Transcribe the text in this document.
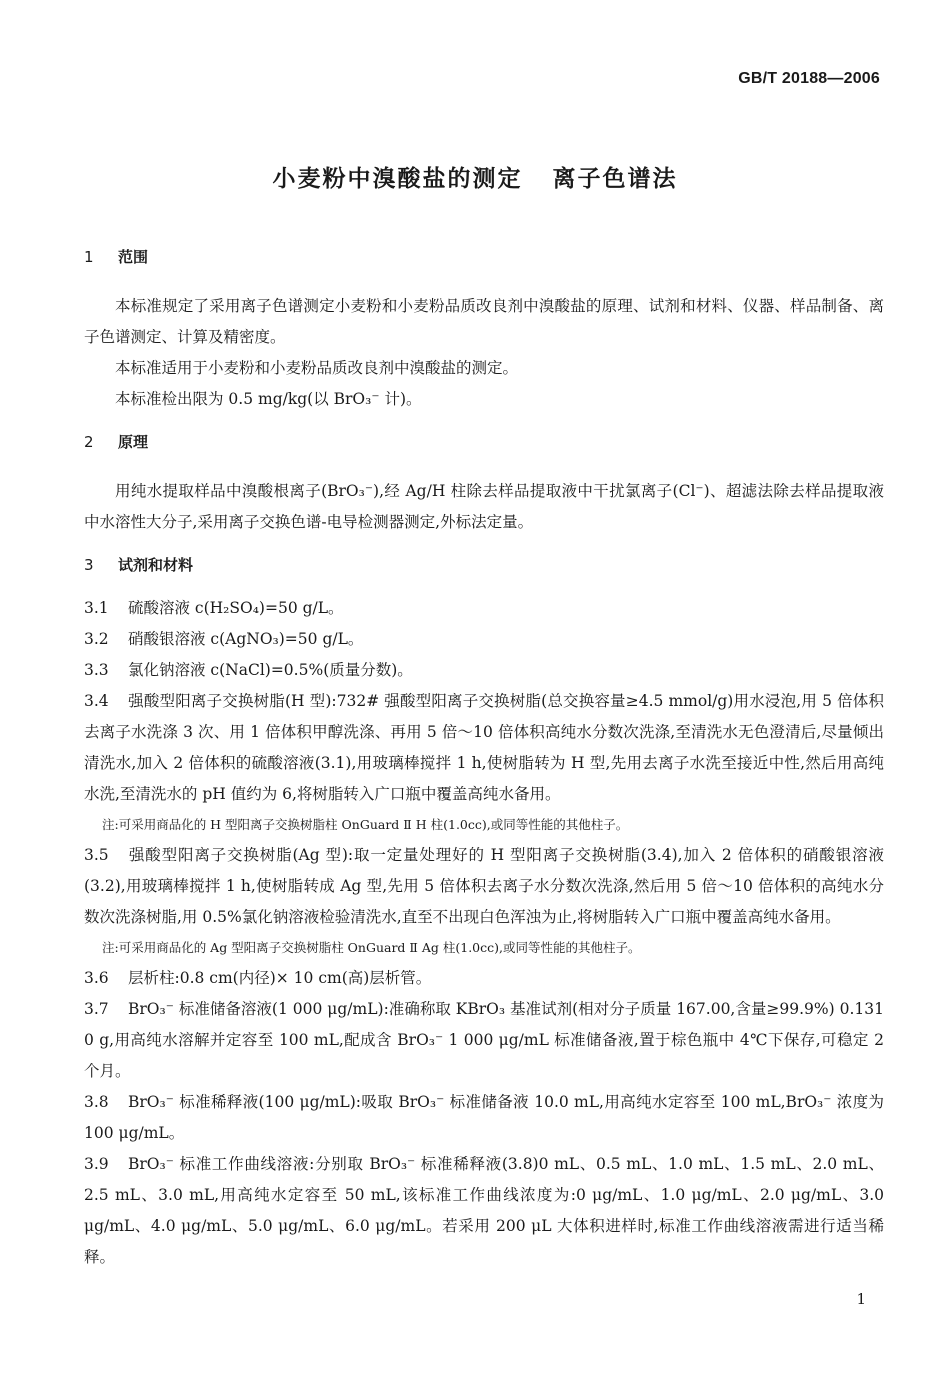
GB/T 20188—2006
小麦粉中溴酸盐的测定 离子色谱法
1 范围
本标准规定了采用离子色谱测定小麦粉和小麦粉品质改良剂中溴酸盐的原理、试剂和材料、仪器、样品制备、离子色谱测定、计算及精密度。
本标准适用于小麦粉和小麦粉品质改良剂中溴酸盐的测定。
本标准检出限为 0.5 mg/kg(以 BrO₃⁻ 计)。
2 原理
用纯水提取样品中溴酸根离子(BrO₃⁻),经 Ag/H 柱除去样品提取液中干扰氯离子(Cl⁻)、超滤法除去样品提取液中水溶性大分子,采用离子交换色谱-电导检测器测定,外标法定量。
3 试剂和材料
3.1 硫酸溶液 c(H₂SO₄)=50 g/L。
3.2 硝酸银溶液 c(AgNO₃)=50 g/L。
3.3 氯化钠溶液 c(NaCl)=0.5%(质量分数)。
3.4 强酸型阳离子交换树脂(H 型):732# 强酸型阳离子交换树脂(总交换容量≥4.5 mmol/g)用水浸泡,用 5 倍体积去离子水洗涤 3 次、用 1 倍体积甲醇洗涤、再用 5 倍～10 倍体积高纯水分数次洗涤,至清洗水无色澄清后,尽量倾出清洗水,加入 2 倍体积的硫酸溶液(3.1),用玻璃棒搅拌 1 h,使树脂转为 H 型,先用去离子水洗至接近中性,然后用高纯水洗,至清洗水的 pH 值约为 6,将树脂转入广口瓶中覆盖高纯水备用。
注:可采用商品化的 H 型阳离子交换树脂柱 OnGuard Ⅱ H 柱(1.0cc),或同等性能的其他柱子。
3.5 强酸型阳离子交换树脂(Ag 型):取一定量处理好的 H 型阳离子交换树脂(3.4),加入 2 倍体积的硝酸银溶液(3.2),用玻璃棒搅拌 1 h,使树脂转成 Ag 型,先用 5 倍体积去离子水分数次洗涤,然后用 5 倍～10 倍体积的高纯水分数次洗涤树脂,用 0.5%氯化钠溶液检验清洗水,直至不出现白色浑浊为止,将树脂转入广口瓶中覆盖高纯水备用。
注:可采用商品化的 Ag 型阳离子交换树脂柱 OnGuard Ⅱ Ag 柱(1.0cc),或同等性能的其他柱子。
3.6 层析柱:0.8 cm(内径)× 10 cm(高)层析管。
3.7 BrO₃⁻ 标准储备溶液(1 000 μg/mL):准确称取 KBrO₃ 基准试剂(相对分子质量 167.00,含量≥99.9%) 0.131 0 g,用高纯水溶解并定容至 100 mL,配成含 BrO₃⁻ 1 000 μg/mL 标准储备液,置于棕色瓶中 4℃下保存,可稳定 2 个月。
3.8 BrO₃⁻ 标准稀释液(100 μg/mL):吸取 BrO₃⁻ 标准储备液 10.0 mL,用高纯水定容至 100 mL,BrO₃⁻ 浓度为 100 μg/mL。
3.9 BrO₃⁻ 标准工作曲线溶液:分别取 BrO₃⁻ 标准稀释液(3.8)0 mL、0.5 mL、1.0 mL、1.5 mL、2.0 mL、2.5 mL、3.0 mL,用高纯水定容至 50 mL,该标准工作曲线浓度为:0 μg/mL、1.0 μg/mL、2.0 μg/mL、3.0 μg/mL、4.0 μg/mL、5.0 μg/mL、6.0 μg/mL。若采用 200 μL 大体积进样时,标准工作曲线溶液需进行适当稀释。
1
